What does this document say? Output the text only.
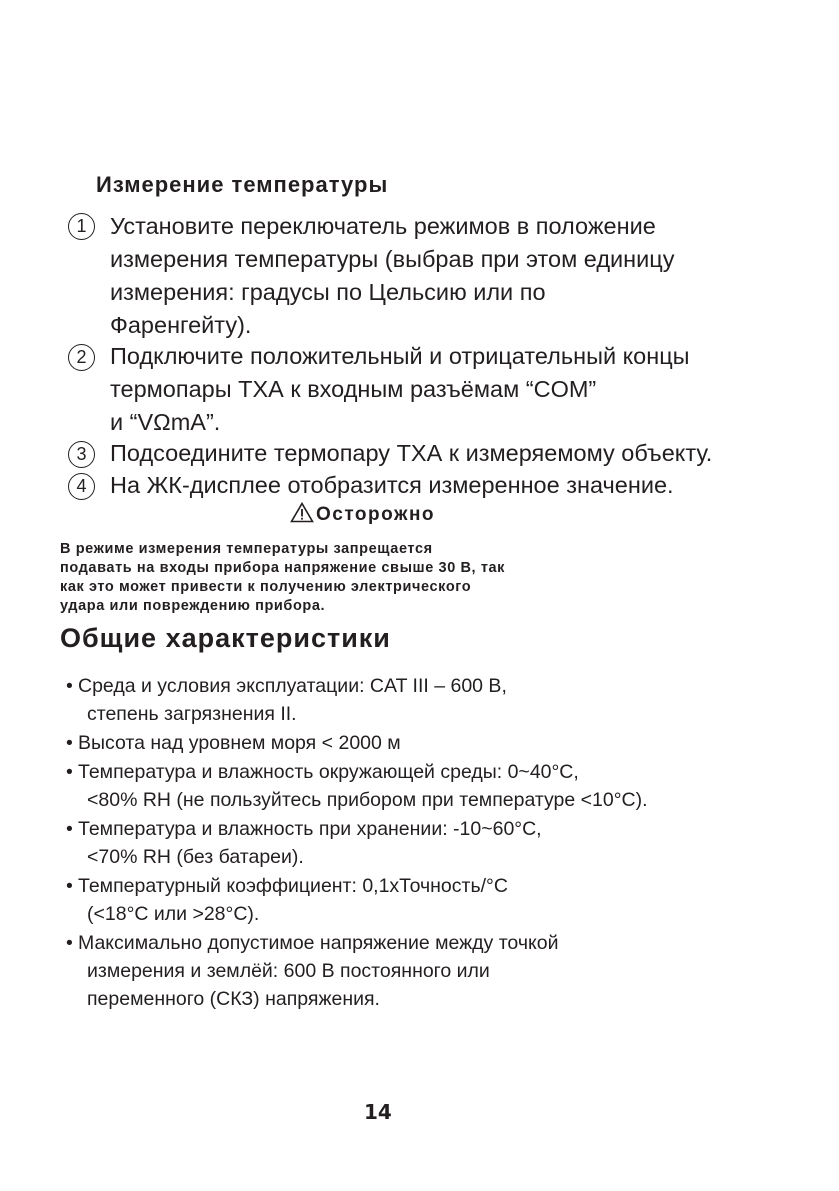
Измерение температуры
1	Установите переключатель режимов в положение
измерения температуры (выбрав при этом единицу
измерения: градусы по Цельсию или по
Фаренгейту).
2	Подключите положительный и отрицательный концы
термопары ТХА к входным разъёмам “COM”
и “VΩmA”.
3	Подсоедините термопару ТХА к измеряемому объекту.
4	На ЖК-дисплее отобразится измеренное значение.
Осторожно
В режиме измерения температуры запрещается
подавать на входы прибора напряжение свыше 30 В, так
как это может привести к получению электрического
удара или повреждению прибора.
Общие характеристики
• Среда и условия эксплуатации: CAT III – 600 В,
степень загрязнения II.
• Высота над уровнем моря < 2000 м
• Температура и влажность окружающей среды: 0~40°C,
<80% RH (не пользуйтесь прибором при температуре <10°C).
• Температура и влажность при хранении: -10~60°C,
<70% RH (без батареи).
• Температурный коэффициент: 0,1хТочность/°C
(<18°C или >28°C).
• Максимально допустимое напряжение между точкой
измерения и землёй: 600 В постоянного или
переменного (СКЗ) напряжения.
14
